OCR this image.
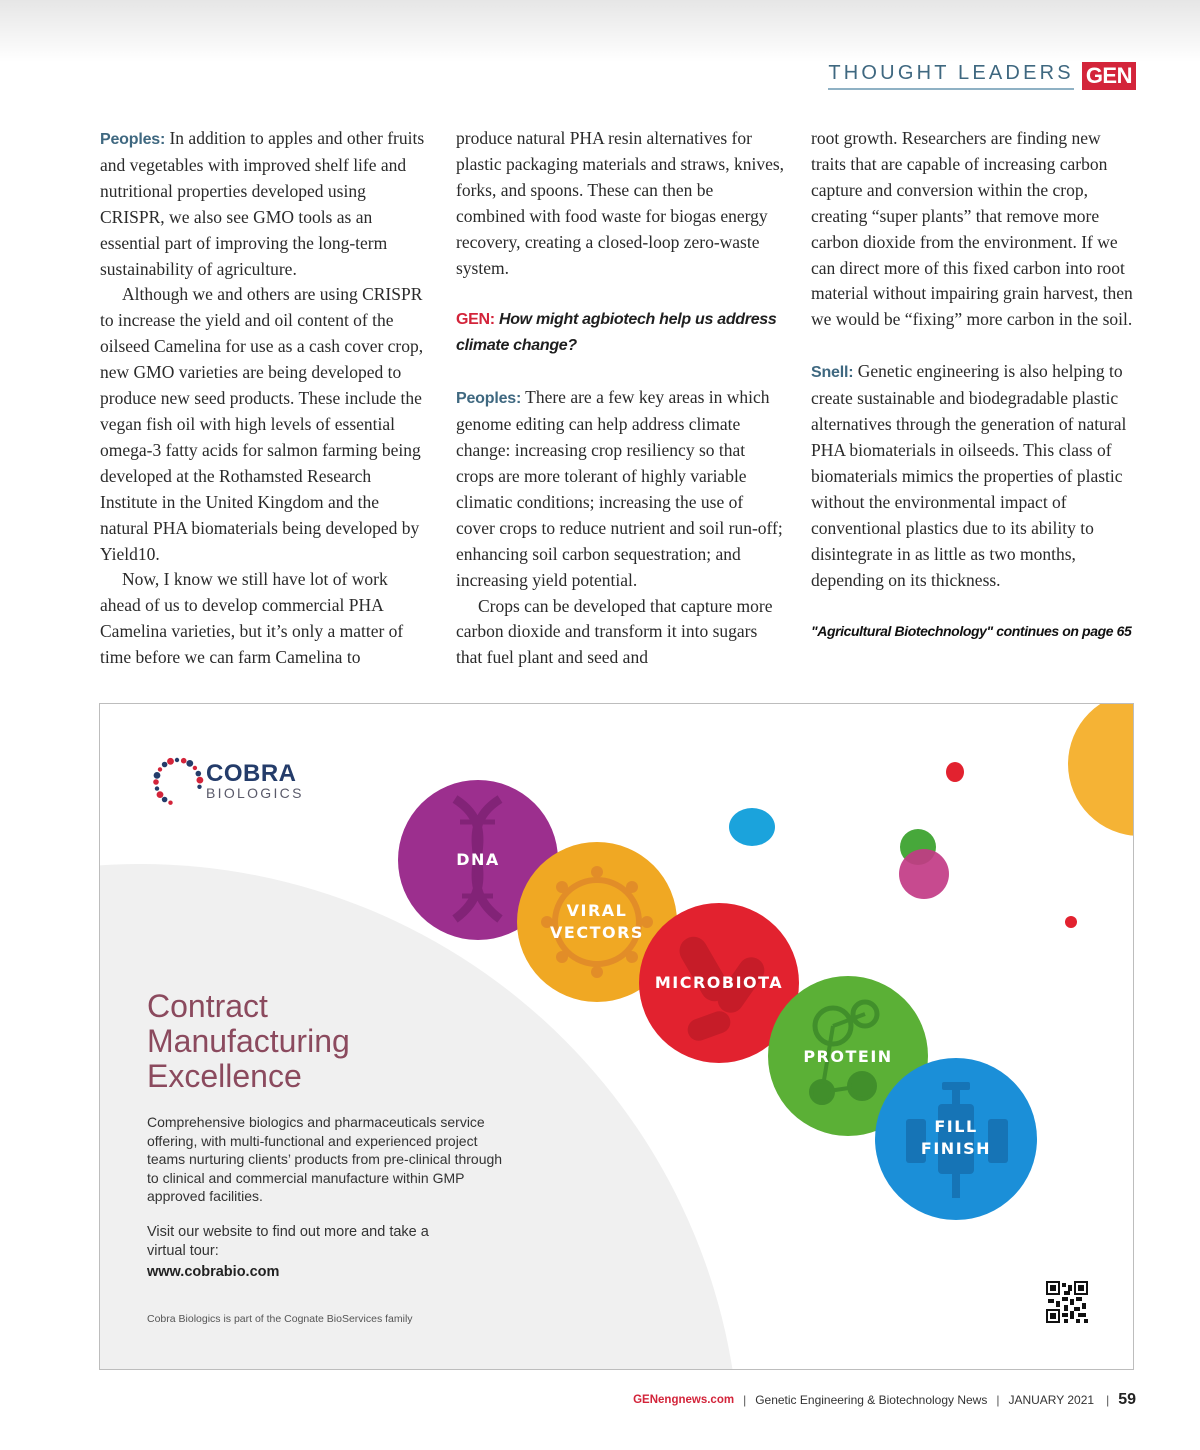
THOUGHT LEADERS GEN

Peoples: In addition to apples and other fruits and vegetables with improved shelf life and nutritional properties developed using CRISPR, we also see GMO tools as an essential part of improving the long-term sustainability of agriculture.

Although we and others are using CRISPR to increase the yield and oil content of the oilseed Camelina for use as a cash cover crop, new GMO varieties are being developed to produce new seed products. These include the vegan fish oil with high levels of essential omega-3 fatty acids for salmon farming being developed at the Rothamsted Research Institute in the United Kingdom and the natural PHA biomaterials being developed by Yield10.

Now, I know we still have lot of work ahead of us to develop commercial PHA Camelina varieties, but it’s only a matter of time before we can farm Camelina to

produce natural PHA resin alternatives for plastic packaging materials and straws, knives, forks, and spoons. These can then be combined with food waste for biogas energy recovery, creating a closed-loop zero-waste system.

GEN: How might agbiotech help us address climate change?

Peoples: There are a few key areas in which genome editing can help address climate change: increasing crop resiliency so that crops are more tolerant of highly variable climatic conditions; increasing the use of cover crops to reduce nutrient and soil run-off; enhancing soil carbon sequestration; and increasing yield potential.

Crops can be developed that capture more carbon dioxide and transform it into sugars that fuel plant and seed and

root growth. Researchers are finding new traits that are capable of increasing carbon capture and conversion within the crop, creating “super plants” that remove more carbon dioxide from the environment. If we can direct more of this fixed carbon into root material without impairing grain harvest, then we would be “fixing” more carbon in the soil.

Snell: Genetic engineering is also helping to create sustainable and biodegradable plastic alternatives through the generation of natural PHA biomaterials in oilseeds. This class of biomaterials mimics the properties of plastic without the environmental impact of conventional plastics due to its ability to disintegrate in as little as two months, depending on its thickness.

"Agricultural Biotechnology" continues on page 65

COBRA
BIOLOGICS
DNA
VIRAL
VECTORS
MICROBIOTA
PROTEIN
FILL
FINISH
Contract
Manufacturing
Excellence
Comprehensive biologics and pharmaceuticals service offering, with multi-functional and experienced project teams nurturing clients’ products from pre-clinical through to clinical and commercial manufacture within GMP approved facilities.
Visit our website to find out more and take a virtual tour:
www.cobrabio.com
Cobra Biologics is part of the Cognate BioServices family
GENengnews.com | Genetic Engineering & Biotechnology News | JANUARY 2021 | 59
